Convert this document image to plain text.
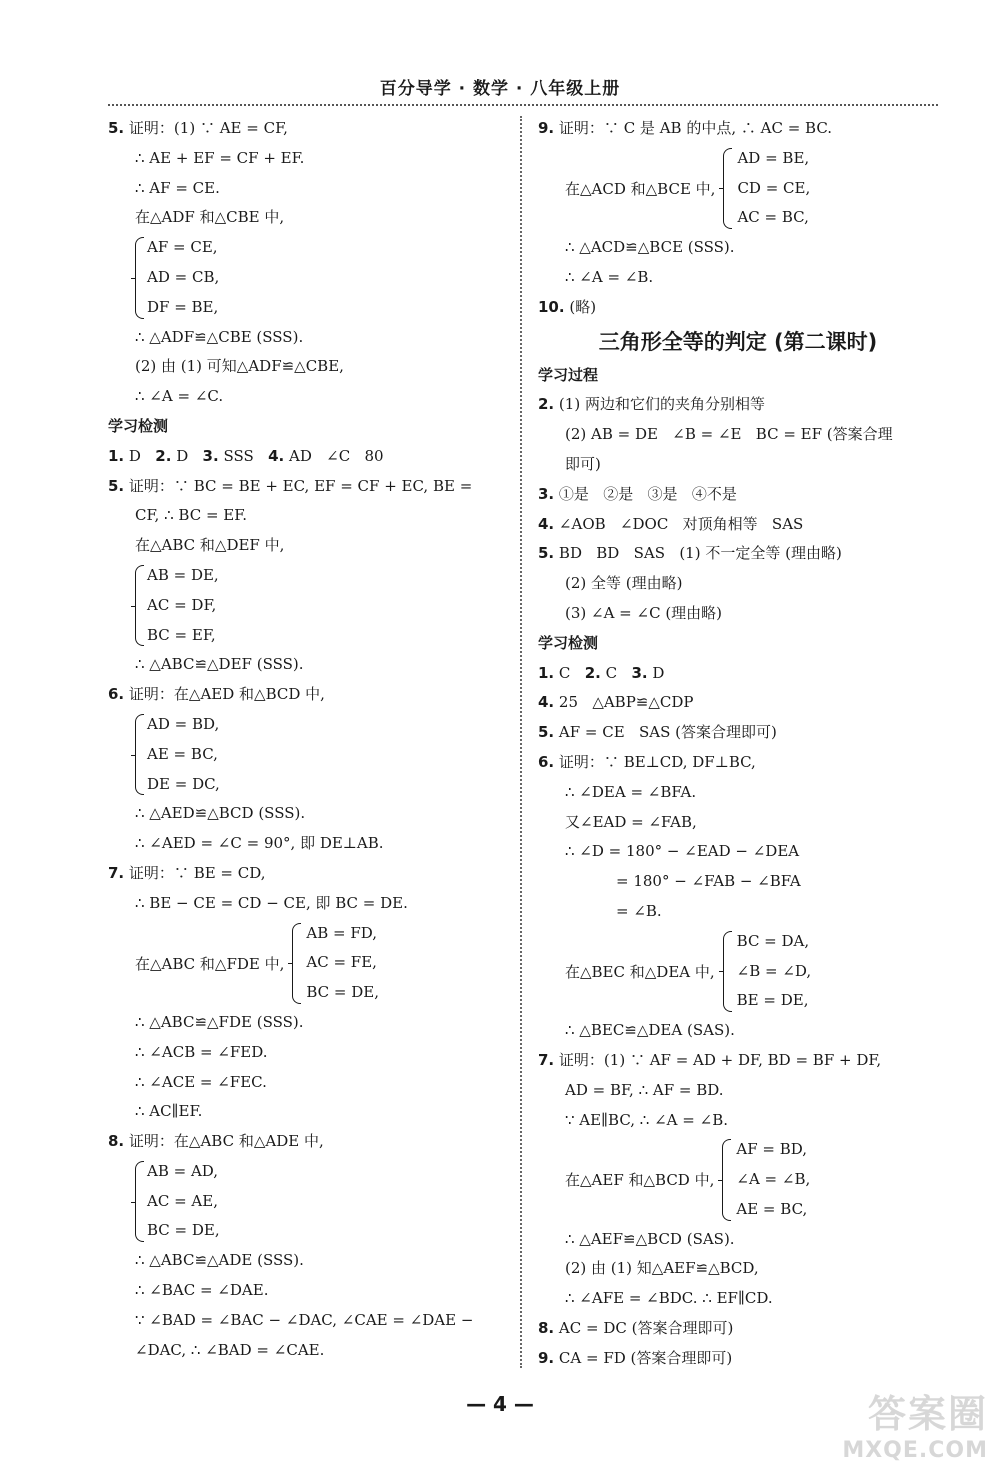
百分导学 · 数学 · 八年级上册
5. 证明：(1) ∵ AE = CF,
∴ AE + EF = CF + EF.
∴ AF = CE.
在△ADF 和△CBE 中,
AF = CE,
AD = CB,
DF = BE,
∴ △ADF≌△CBE (SSS).
(2) 由 (1) 可知△ADF≌△CBE,
∴ ∠A = ∠C.
学习检测
1. D 2. D 3. SSS 4. AD   ∠C   80
5. 证明：∵ BC = BE + EC, EF = CF + EC, BE =
CF, ∴ BC = EF.
在△ABC 和△DEF 中,
AB = DE,
AC = DF,
BC = EF,
∴ △ABC≌△DEF (SSS).
6. 证明：在△AED 和△BCD 中,
AD = BD,
AE = BC,
DE = DC,
∴ △AED≌△BCD (SSS).
∴ ∠AED = ∠C = 90°, 即 DE⊥AB.
7. 证明：∵ BE = CD,
∴ BE − CE = CD − CE, 即 BC = DE.
在△ABC 和△FDE 中,
AB = FD,
AC = FE,
BC = DE,
∴ △ABC≌△FDE (SSS).
∴ ∠ACB = ∠FED.
∴ ∠ACE = ∠FEC.
∴ AC∥EF.
8. 证明：在△ABC 和△ADE 中,
AB = AD,
AC = AE,
BC = DE,
∴ △ABC≌△ADE (SSS).
∴ ∠BAC = ∠DAE.
∵ ∠BAD = ∠BAC − ∠DAC, ∠CAE = ∠DAE −
∠DAC, ∴ ∠BAD = ∠CAE.
9. 证明：∵ C 是 AB 的中点, ∴ AC = BC.
在△ACD 和△BCE 中,
AD = BE,
CD = CE,
AC = BC,
∴ △ACD≌△BCE (SSS).
∴ ∠A = ∠B.
10. (略)
三角形全等的判定 (第二课时)
学习过程
2. (1) 两边和它们的夹角分别相等
(2) AB = DE   ∠B = ∠E   BC = EF (答案合理
即可)
3. ①是   ②是   ③是   ④不是
4. ∠AOB   ∠DOC   对顶角相等   SAS
5. BD   BD   SAS   (1) 不一定全等 (理由略)
(2) 全等 (理由略)
(3) ∠A = ∠C (理由略)
学习检测
1. C 2. C 3. D
4. 25   △ABP≌△CDP
5. AF = CE   SAS (答案合理即可)
6. 证明：∵ BE⊥CD, DF⊥BC,
∴ ∠DEA = ∠BFA.
又∠EAD = ∠FAB,
∴ ∠D = 180° − ∠EAD − ∠DEA
= 180° − ∠FAB − ∠BFA
= ∠B.
在△BEC 和△DEA 中,
BC = DA,
∠B = ∠D,
BE = DE,
∴ △BEC≌△DEA (SAS).
7. 证明：(1) ∵ AF = AD + DF, BD = BF + DF,
AD = BF, ∴ AF = BD.
∵ AE∥BC, ∴ ∠A = ∠B.
在△AEF 和△BCD 中,
AF = BD,
∠A = ∠B,
AE = BC,
∴ △AEF≌△BCD (SAS).
(2) 由 (1) 知△AEF≌△BCD,
∴ ∠AFE = ∠BDC. ∴ EF∥CD.
8. AC = DC (答案合理即可)
9. CA = FD (答案合理即可)
— 4 —	答案圈
MXQE.COM
